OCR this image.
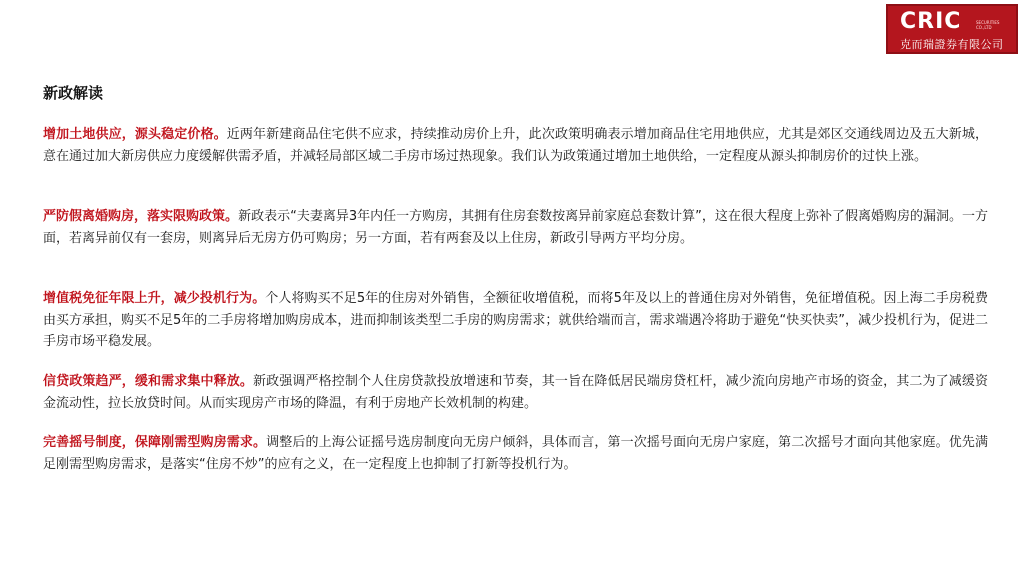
CRIC	SECURITIES CO.,LTD
克而瑞證券有限公司
新政解读

增加土地供应，源头稳定价格。近两年新建商品住宅供不应求，持续推动房价上升，此次政策明确表示增加商品住宅用地供应，尤其是郊区交通线周边及五大新城，意在通过加大新房供应力度缓解供需矛盾，并减轻局部区域二手房市场过热现象。我们认为政策通过增加土地供给，一定程度从源头抑制房价的过快上涨。

严防假离婚购房，落实限购政策。新政表示“夫妻离异3年内任一方购房，其拥有住房套数按离异前家庭总套数计算”，这在很大程度上弥补了假离婚购房的漏洞。一方面，若离异前仅有一套房，则离异后无房方仍可购房；另一方面，若有两套及以上住房，新政引导两方平均分房。

增值税免征年限上升，减少投机行为。个人将购买不足5年的住房对外销售，全额征收增值税，而将5年及以上的普通住房对外销售，免征增值税。因上海二手房税费由买方承担，购买不足5年的二手房将增加购房成本，进而抑制该类型二手房的购房需求；就供给端而言，需求端遇冷将助于避免“快买快卖”，减少投机行为，促进二手房市场平稳发展。

信贷政策趋严，缓和需求集中释放。新政强调严格控制个人住房贷款投放增速和节奏，其一旨在降低居民端房贷杠杆，减少流向房地产市场的资金，其二为了减缓资金流动性，拉长放贷时间。从而实现房产市场的降温，有利于房地产长效机制的构建。

完善摇号制度，保障刚需型购房需求。调整后的上海公证摇号选房制度向无房户倾斜，具体而言，第一次摇号面向无房户家庭，第二次摇号才面向其他家庭。优先满足刚需型购房需求，是落实“住房不炒”的应有之义，在一定程度上也抑制了打新等投机行为。
